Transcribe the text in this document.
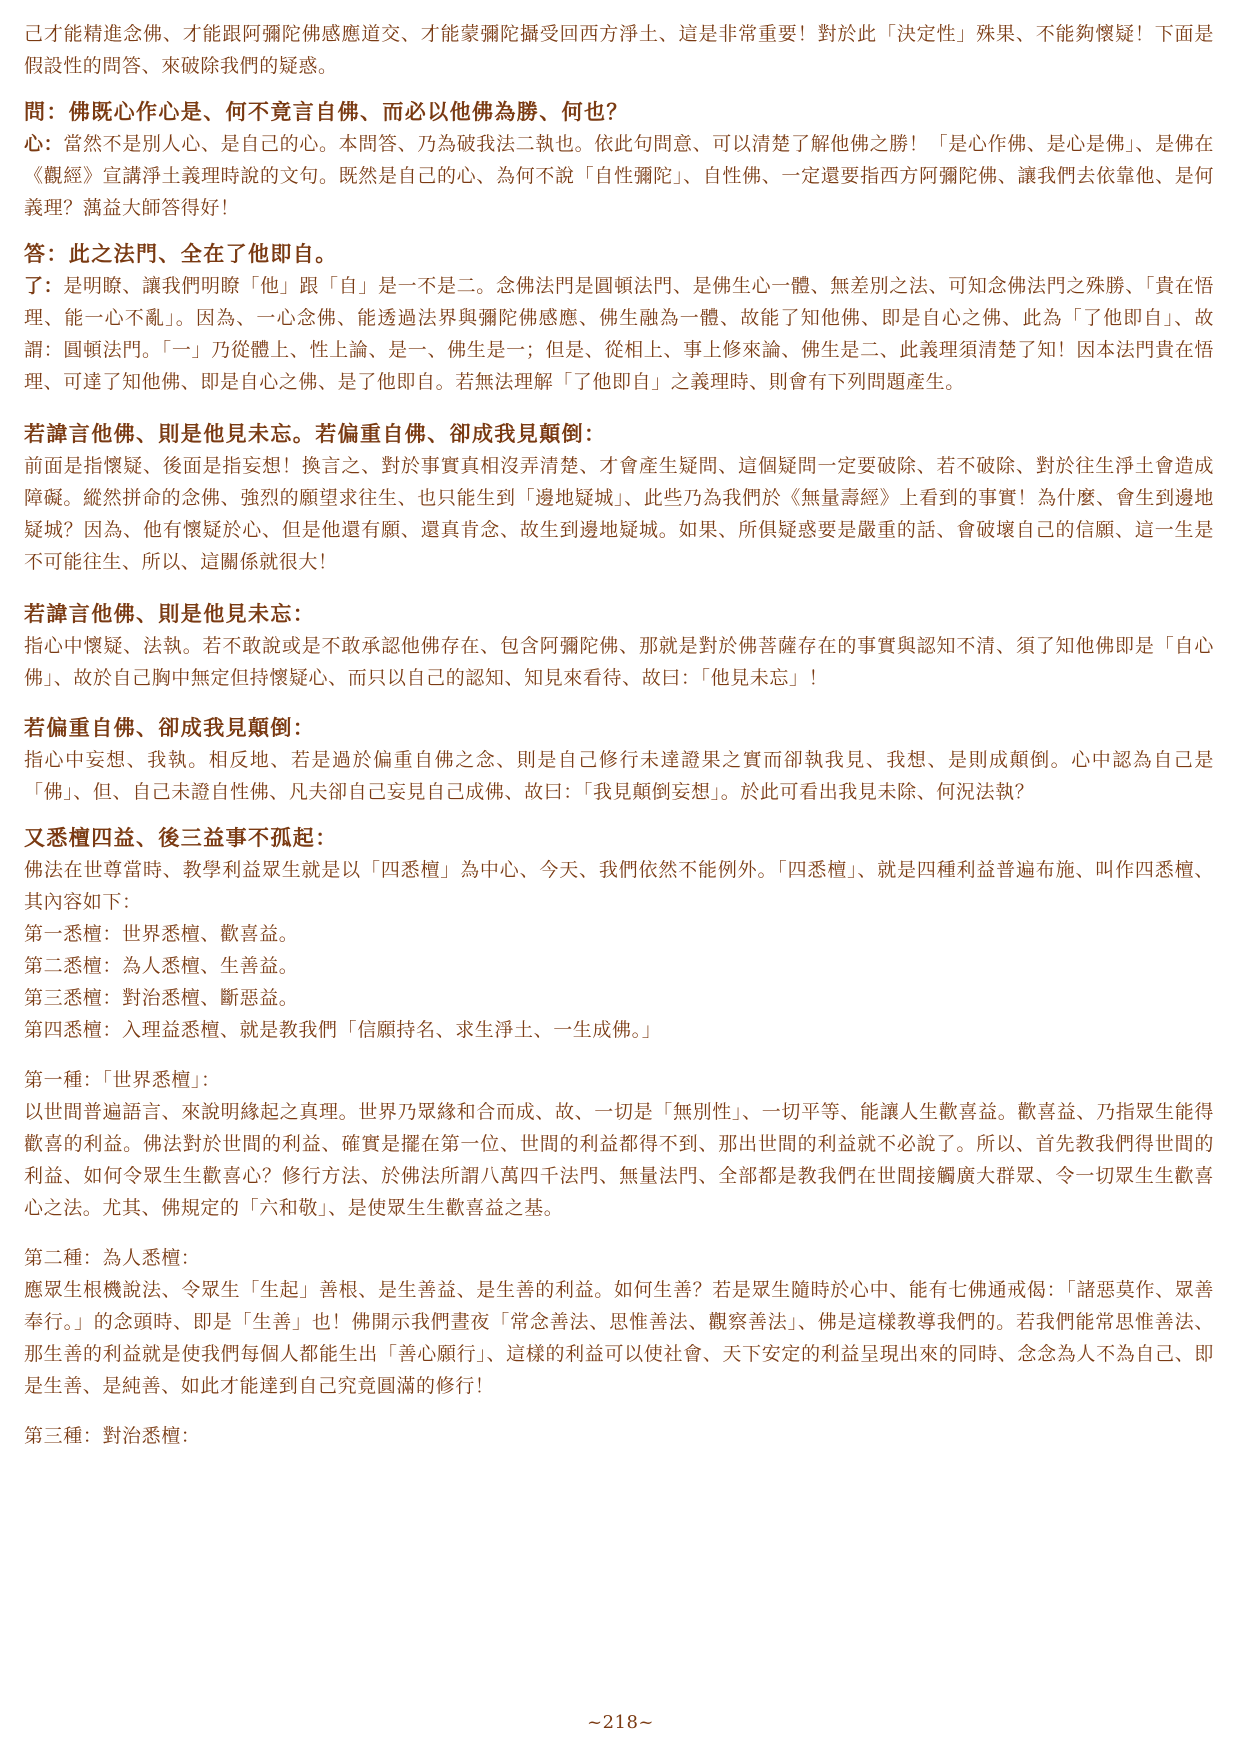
己才能精進念佛、才能跟阿彌陀佛感應道交、才能蒙彌陀攝受回西方淨土、這是非常重要！對於此「決定性」殊果、不能夠懷疑！下面是假設性的問答、來破除我們的疑惑。

問：佛既心作心是、何不竟言自佛、而必以他佛為勝、何也？

心：當然不是別人心、是自己的心。本問答、乃為破我法二執也。依此句問意、可以清楚了解他佛之勝！「是心作佛、是心是佛」、是佛在《觀經》宣講淨土義理時說的文句。既然是自己的心、為何不說「自性彌陀」、自性佛、一定還要指西方阿彌陀佛、讓我們去依靠他、是何義理？蕅益大師答得好！

答：此之法門、全在了他即自。

了：是明瞭、讓我們明瞭「他」跟「自」是一不是二。念佛法門是圓頓法門、是佛生心一體、無差別之法、可知念佛法門之殊勝、「貴在悟理、能一心不亂」。因為、一心念佛、能透過法界與彌陀佛感應、佛生融為一體、故能了知他佛、即是自心之佛、此為「了他即自」、故謂：圓頓法門。「一」乃從體上、性上論、是一、佛生是一；但是、從相上、事上修來論、佛生是二、此義理須清楚了知！因本法門貴在悟理、可達了知他佛、即是自心之佛、是了他即自。若無法理解「了他即自」之義理時、則會有下列問題產生。

若諱言他佛、則是他見未忘。若偏重自佛、卻成我見顛倒：

前面是指懷疑、後面是指妄想！換言之、對於事實真相沒弄清楚、才會產生疑問、這個疑問一定要破除、若不破除、對於往生淨土會造成障礙。縱然拼命的念佛、強烈的願望求往生、也只能生到「邊地疑城」、此些乃為我們於《無量壽經》上看到的事實！為什麼、會生到邊地疑城？因為、他有懷疑於心、但是他還有願、還真肯念、故生到邊地疑城。如果、所俱疑惑要是嚴重的話、會破壞自己的信願、這一生是不可能往生、所以、這關係就很大！

若諱言他佛、則是他見未忘：

指心中懷疑、法執。若不敢說或是不敢承認他佛存在、包含阿彌陀佛、那就是對於佛菩薩存在的事實與認知不清、須了知他佛即是「自心佛」、故於自己胸中無定但持懷疑心、而只以自己的認知、知見來看待、故曰：「他見未忘」！

若偏重自佛、卻成我見顛倒：

指心中妄想、我執。相反地、若是過於偏重自佛之念、則是自己修行未達證果之實而卻執我見、我想、是則成顛倒。心中認為自己是「佛」、但、自己未證自性佛、凡夫卻自己妄見自己成佛、故曰：「我見顛倒妄想」。於此可看出我見未除、何況法執？

又悉檀四益、後三益事不孤起：

佛法在世尊當時、教學利益眾生就是以「四悉檀」為中心、今天、我們依然不能例外。「四悉檀」、就是四種利益普遍布施、叫作四悉檀、其內容如下：

第一悉檀：世界悉檀、歡喜益。

第二悉檀：為人悉檀、生善益。

第三悉檀：對治悉檀、斷惡益。

第四悉檀：入理益悉檀、就是教我們「信願持名、求生淨土、一生成佛。」

第一種：「世界悉檀」：

以世間普遍語言、來說明緣起之真理。世界乃眾緣和合而成、故、一切是「無別性」、一切平等、能讓人生歡喜益。歡喜益、乃指眾生能得歡喜的利益。佛法對於世間的利益、確實是擺在第一位、世間的利益都得不到、那出世間的利益就不必說了。所以、首先教我們得世間的利益、如何令眾生生歡喜心？修行方法、於佛法所謂八萬四千法門、無量法門、全部都是教我們在世間接觸廣大群眾、令一切眾生生歡喜心之法。尤其、佛規定的「六和敬」、是使眾生生歡喜益之基。

第二種：為人悉檀：

應眾生根機說法、令眾生「生起」善根、是生善益、是生善的利益。如何生善？若是眾生隨時於心中、能有七佛通戒偈：「諸惡莫作、眾善奉行。」的念頭時、即是「生善」也！佛開示我們晝夜「常念善法、思惟善法、觀察善法」、佛是這樣教導我們的。若我們能常思惟善法、那生善的利益就是使我們每個人都能生出「善心願行」、這樣的利益可以使社會、天下安定的利益呈現出來的同時、念念為人不為自己、即是生善、是純善、如此才能達到自己究竟圓滿的修行！

第三種：對治悉檀：

~218~
